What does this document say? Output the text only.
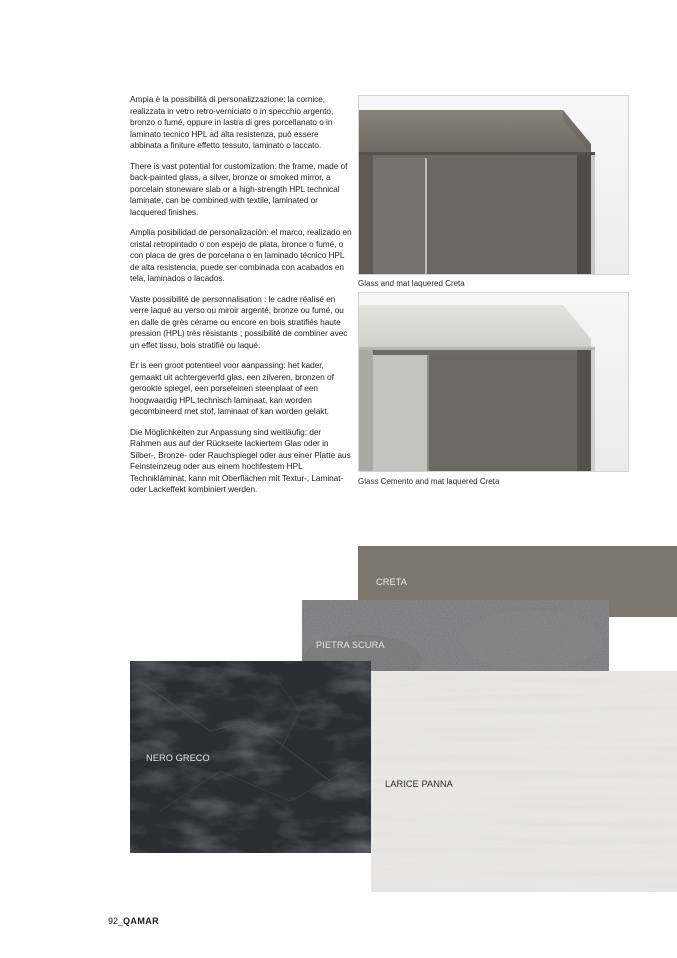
Ampia è la possibilità di personalizzazione: la cornice, realizzata in vetro retro-verniciato o in specchio argento, bronzo o fumé, oppure in lastra di gres porcellanato o in laminato tecnico HPL ad alta resistenza, può essere abbinata a finiture effetto tessuto, laminato o laccato.

There is vast potential for customization: the frame, made of back-painted glass, a silver, bronze or smoked mirror, a porcelain stoneware slab or a high-strength HPL technical laminate, can be combined with textile, laminated or lacquered finishes.

Amplia posibilidad de personalización: el marco, realizado en cristal retropintado o con espejo de plata, bronce o fumé, o con placa de gres de porcelana o en laminado técnico HPL de alta resistencia, puede ser combinada con acabados en tela, laminados o lacados.

Vaste possibilité de personnalisation : le cadre réalisé en verre laqué au verso ou miroir argenté, bronze ou fumé, ou en dalle de grès cérame ou encore en bois stratifiés haute pression (HPL) très résistants ; possibilité de combiner avec un effet tissu, bois stratifié ou laqué.

Er is een groot potentieel voor aanpassing: het kader, gemaakt uit achtergeverfd glas, een zilveren, bronzen of gerookte spiegel, een porseleinen steenplaat of een hoogwaardig HPL technisch laminaat, kan worden gecombineerd met stof, laminaat of kan worden gelakt.

Die Möglichkeiten zur Anpassung sind weitläufig: der Rahmen aus auf der Rückseite lackiertem Glas oder in Silber-, Bronze- oder Rauchspiegel oder aus einer Platte aus Feinsteinzeug oder aus einem hochfestem HPL Technikläminat, kann mit Oberflächen mit Textur-, Laminat- oder Lackeffekt kombiniert werden.

Glass and mat laquered Creta
Glass Cemento and mat laquered Creta
CRETA
PIETRA SCURA
NERO GRECO
LARICE PANNA
92_QAMAR
